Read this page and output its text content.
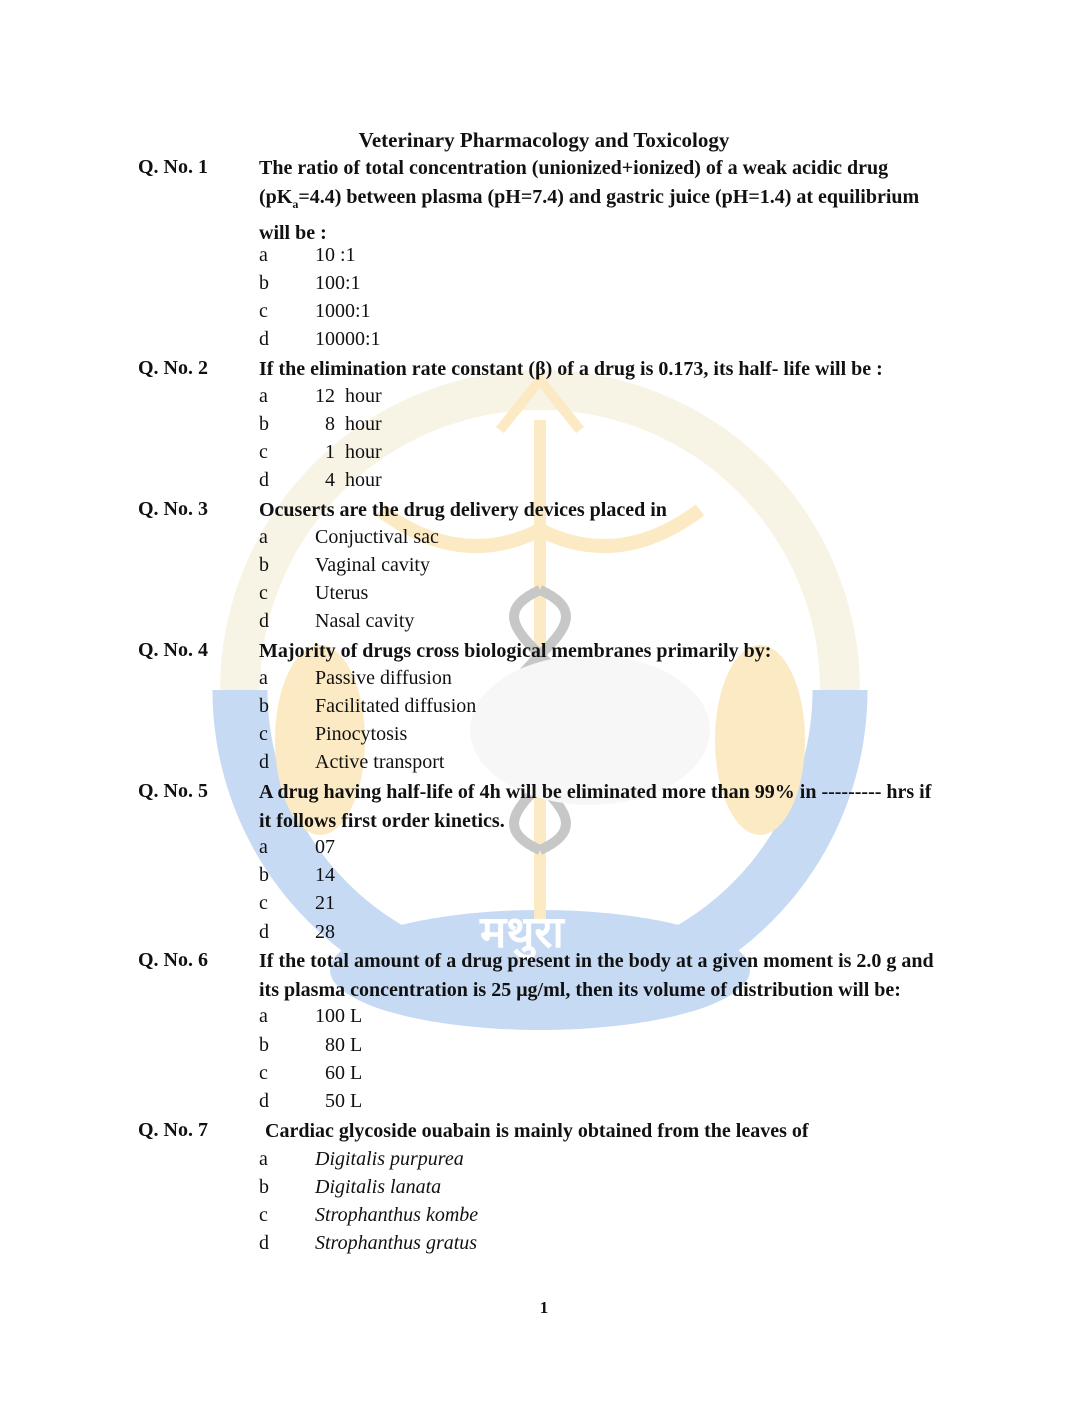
मथुरा
Veterinary Pharmacology and Toxicology
Q. No. 1	The ratio of total concentration (unionized+ionized) of a weak acidic drug
$(pK_a=4.4)$ between plasma (pH=7.4) and gastric juice (pH=1.4) at equilibrium
will be :
a 10 :1
b 100:1
c 1000:1
d 10000:1
Q. No. 2	If the elimination rate constant (β) of a drug is 0.173, its half- life will be :
a 12  hour
b 8  hour
c 1  hour
d 4  hour
Q. No. 3	Ocuserts are the drug delivery devices placed in
a Conjuctival sac
b Vaginal cavity
c Uterus
d Nasal cavity
Q. No. 4	Majority of drugs cross biological membranes primarily by:
a Passive diffusion
b Facilitated diffusion
c Pinocytosis
d Active transport
Q. No. 5	A drug having half-life of 4h will be eliminated more than 99% in --------- hrs if
it follows first order kinetics.
a 07
b 14
c 21
d 28
Q. No. 6	If the total amount of a drug present in the body at a given moment is 2.0 g and
its plasma concentration is 25 μg/ml, then its volume of distribution will be:
a 100 L
b 80 L
c 60 L
d 50 L
Q. No. 7	Cardiac glycoside ouabain is mainly obtained from the leaves of
a Digitalis purpurea
b Digitalis lanata
c Strophanthus kombe
d Strophanthus gratus
1
